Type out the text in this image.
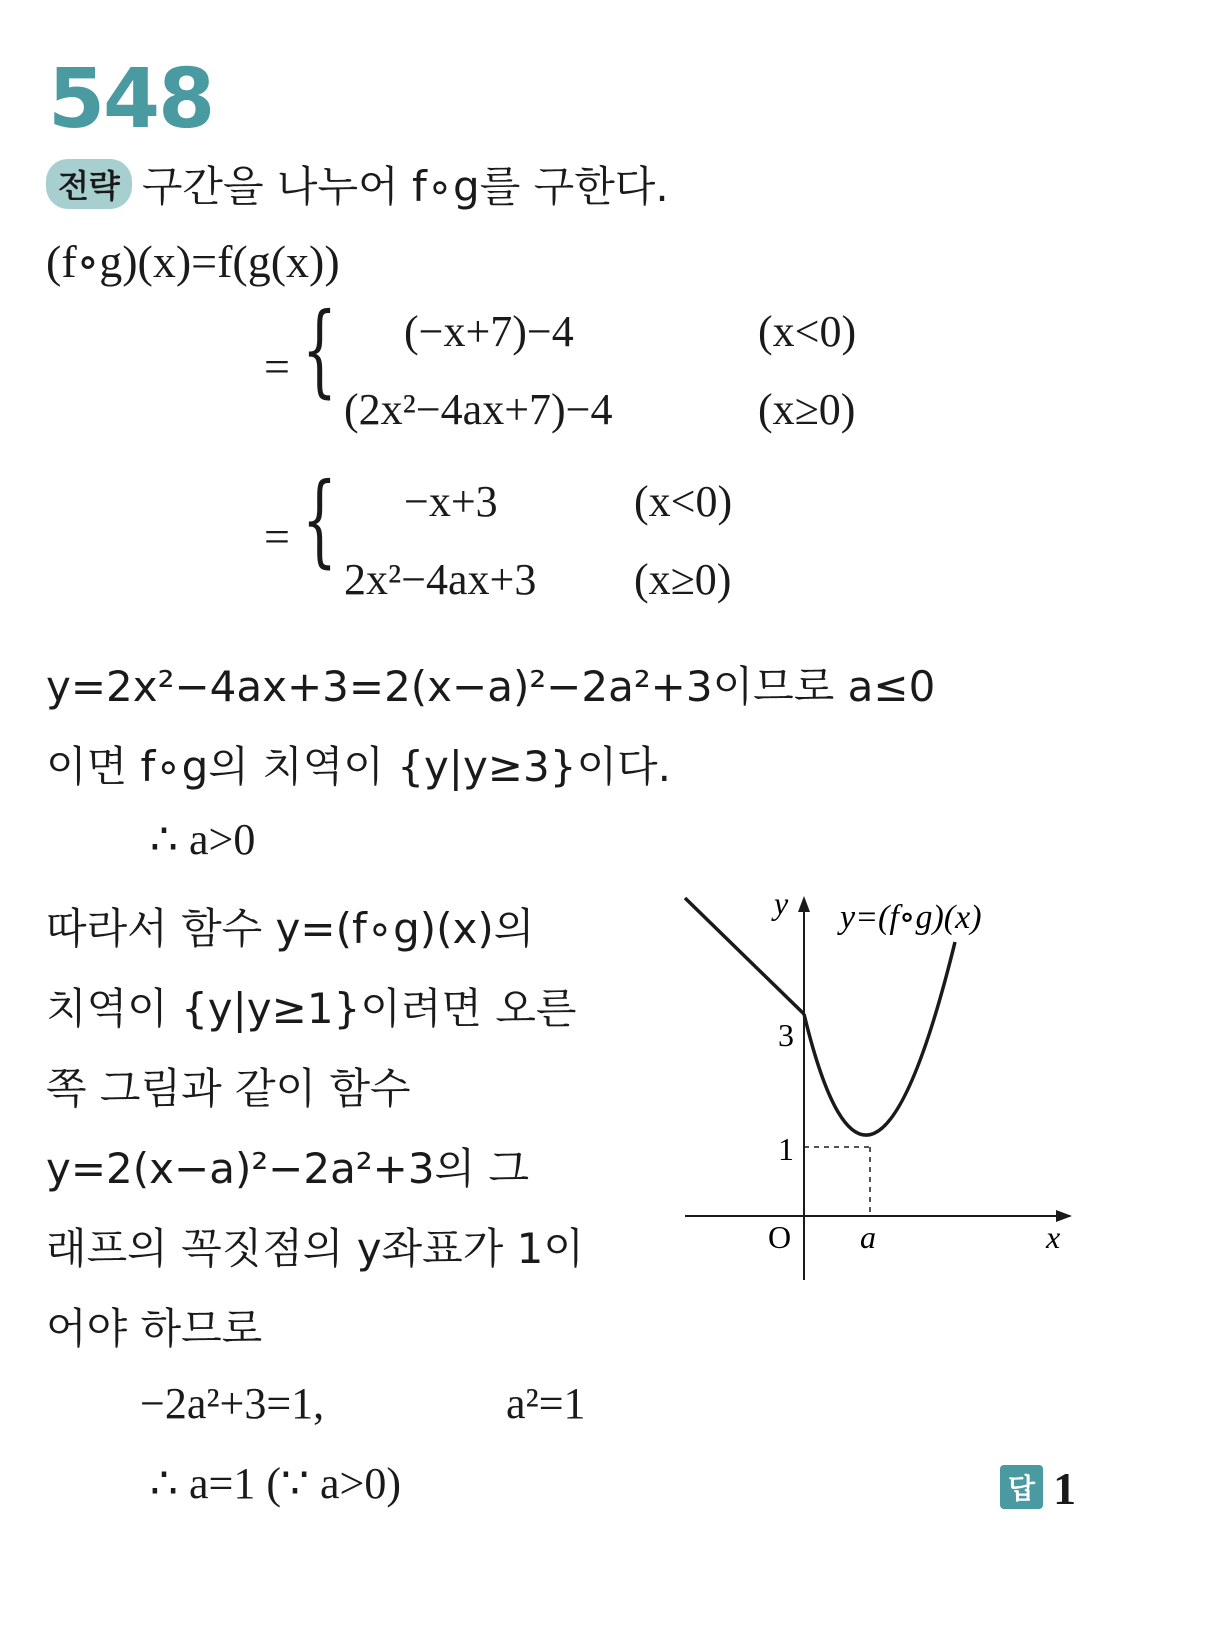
548
전략 구간을 나누어 f∘g를 구한다.
(f∘g)(x)=f(g(x))
= { (−x+7)−4	(x<0)
(2x²−4ax+7)−4	(x≥0)
= { −x+3	(x<0)
2x²−4ax+3 (x≥0)
y=2x²−4ax+3=2(x−a)²−2a²+3이므로 a≤0
이면 f∘g의 치역이 {y|y≥3}이다.
∴ a>0
따라서 함수 y=(f∘g)(x)의
치역이 {y|y≥1}이려면 오른
쪽 그림과 같이 함수
y=2(x−a)²−2a²+3의 그
래프의 꼭짓점의 y좌표가 1이
어야 하므로
−2a²+3=1,	a²=1
∴ a=1 (∵ a>0)
y y=(f∘g)(x)
3
1
O a	x
답 1
